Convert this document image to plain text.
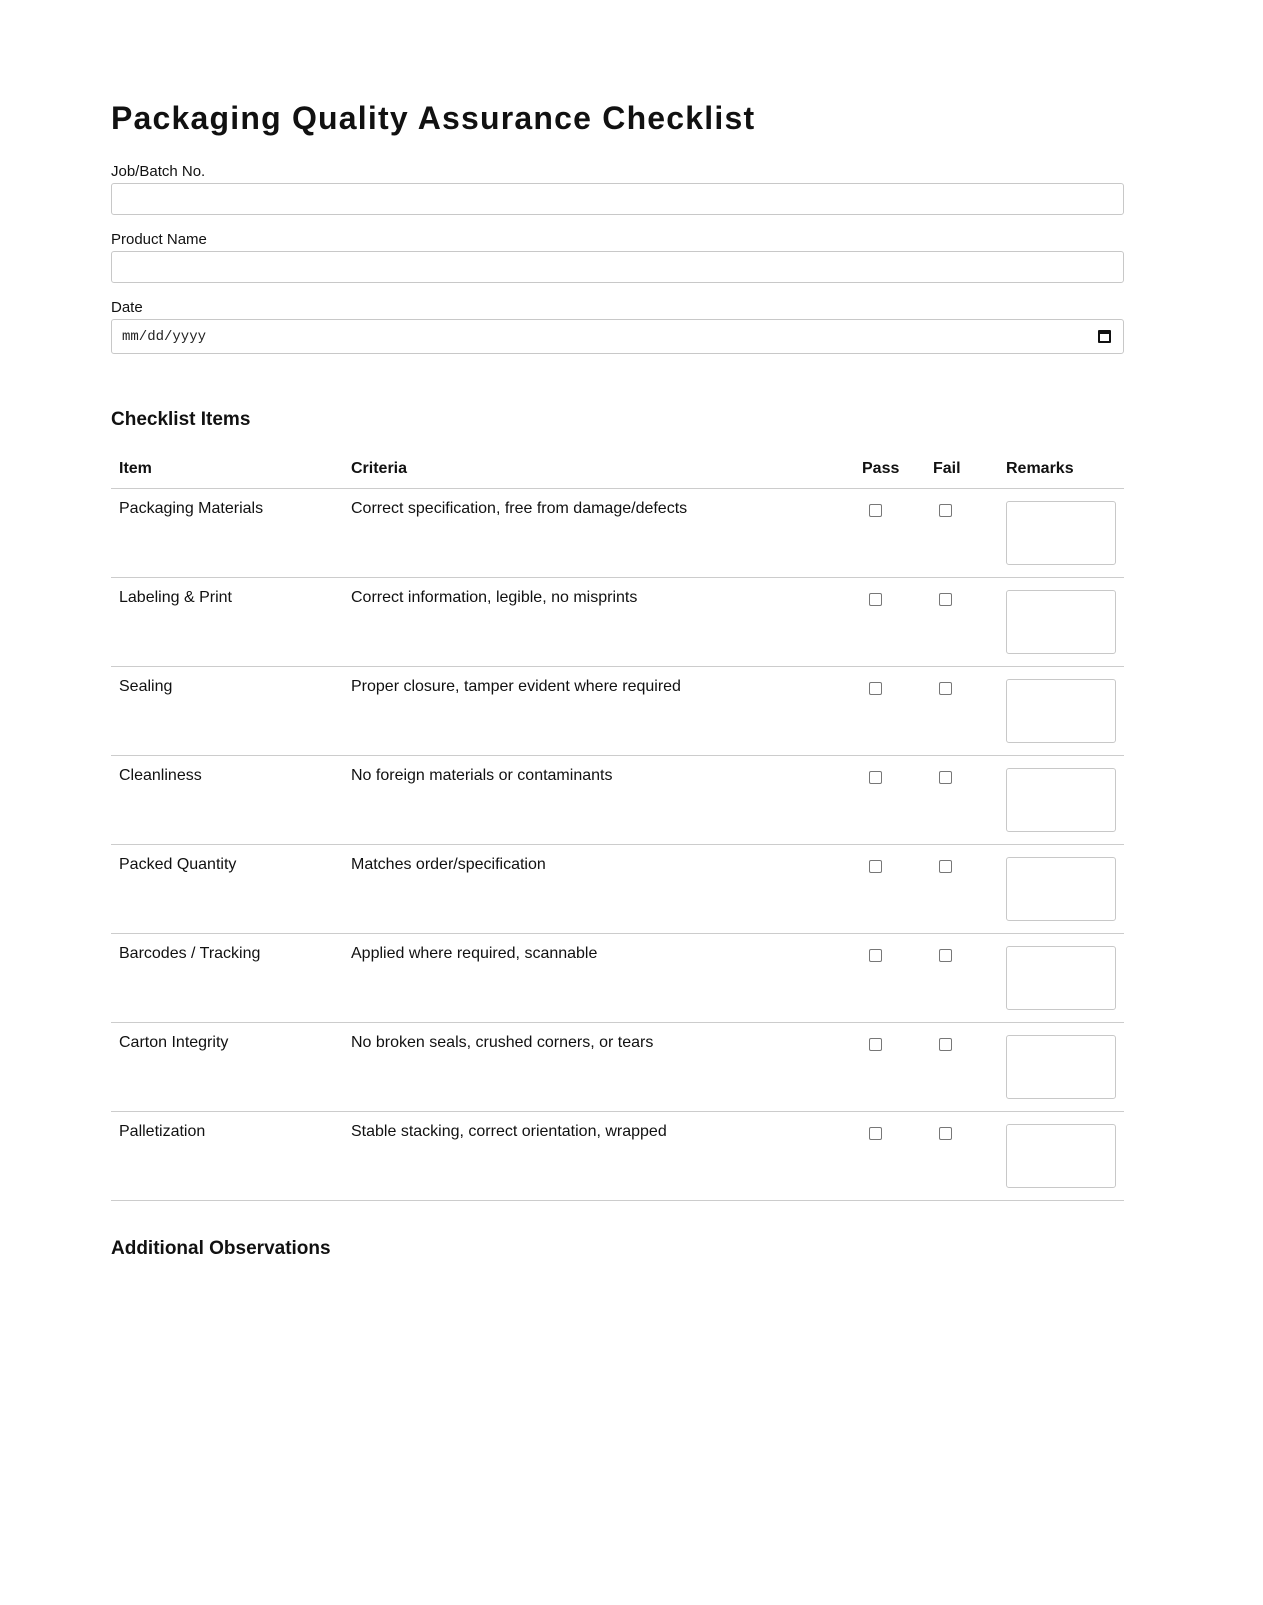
Packaging Quality Assurance Checklist
Job/Batch No.
Product Name
Date
mm/dd/yyyy
Checklist Items
Item	Criteria	Pass	Fail	Remarks
Packaging Materials	Correct specification, free from damage/defects			

Labeling & Print	Correct information, legible, no misprints			

Sealing	Proper closure, tamper evident where required			

Cleanliness	No foreign materials or contaminants			

Packed Quantity	Matches order/specification			

Barcodes / Tracking	Applied where required, scannable			

Carton Integrity	No broken seals, crushed corners, or tears			

Palletization	Stable stacking, correct orientation, wrapped			
Additional Observations
